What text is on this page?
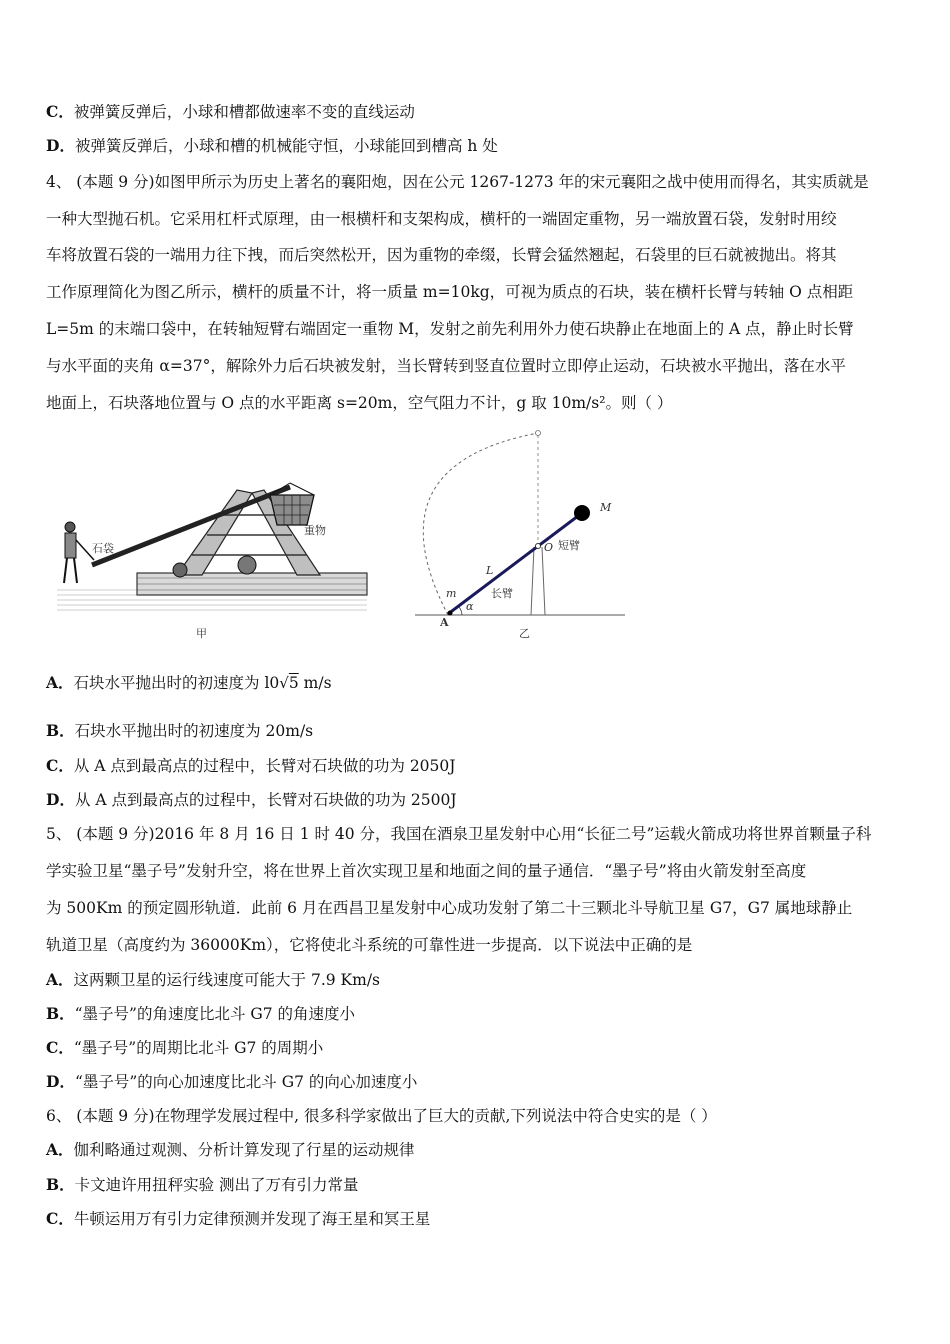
C．被弹簧反弹后，小球和槽都做速率不变的直线运动
D．被弹簧反弹后，小球和槽的机械能守恒，小球能回到槽高 h 处
4、 (本题 9 分)如图甲所示为历史上著名的襄阳炮，因在公元 1267-1273 年的宋元襄阳之战中使用而得名，其实质就是
一种大型抛石机。它采用杠杆式原理，由一根横杆和支架构成，横杆的一端固定重物，另一端放置石袋，发射时用绞
车将放置石袋的一端用力往下拽，而后突然松开，因为重物的牵缀，长臂会猛然翘起，石袋里的巨石就被抛出。将其
工作原理简化为图乙所示，横杆的质量不计，将一质量 m=10kg，可视为质点的石块，装在横杆长臂与转轴 O 点相距
L=5m 的末端口袋中，在转轴短臂右端固定一重物 M，发射之前先利用外力使石块静止在地面上的 A 点，静止时长臂
与水平面的夹角 α=37°，解除外力后石块被发射，当长臂转到竖直位置时立即停止运动，石块被水平抛出，落在水平
地面上，石块落地位置与 O 点的水平距离 s=20m，空气阻力不计，g 取 10m/s²。则（ ）
石袋
重物
甲
M
O 短臂
L
长臂
m
α
A
乙
A．石块水平抛出时的初速度为 l0√5 m/s
B．石块水平抛出时的初速度为 20m/s
C．从 A 点到最高点的过程中，长臂对石块做的功为 2050J
D．从 A 点到最高点的过程中，长臂对石块做的功为 2500J
5、 (本题 9 分)2016 年 8 月 16 日 1 时 40 分，我国在酒泉卫星发射中心用“长征二号”运载火箭成功将世界首颗量子科
学实验卫星“墨子号”发射升空，将在世界上首次实现卫星和地面之间的量子通信．“墨子号”将由火箭发射至高度
为 500Km 的预定圆形轨道．此前 6 月在西昌卫星发射中心成功发射了第二十三颗北斗导航卫星 G7，G7 属地球静止
轨道卫星（高度约为 36000Km），它将使北斗系统的可靠性进一步提高．以下说法中正确的是
A．这两颗卫星的运行线速度可能大于 7.9 Km/s
B．“墨子号”的角速度比北斗 G7 的角速度小
C．“墨子号”的周期比北斗 G7 的周期小
D．“墨子号”的向心加速度比北斗 G7 的向心加速度小
6、 (本题 9 分)在物理学发展过程中, 很多科学家做出了巨大的贡献,下列说法中符合史实的是（ ）
A．伽利略通过观测、分析计算发现了行星的运动规律
B．卡文迪许用扭秤实验 测出了万有引力常量
C．牛顿运用万有引力定律预测并发现了海王星和冥王星
